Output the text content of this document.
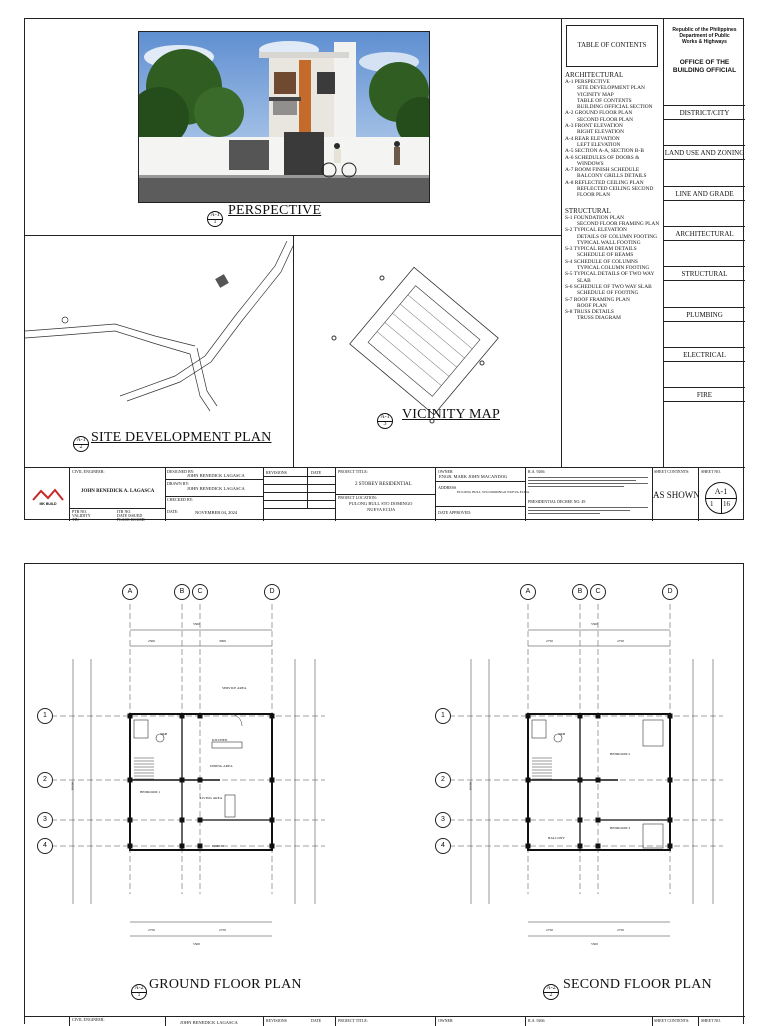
A-1
1
PERSPECTIVE
A-1
2
SITE DEVELOPMENT PLAN
A-1
3
VICINITY MAP
TABLE OF CONTENTS
ARCHITECTURAL
A-1 PERSPECTIVE
SITE DEVELOPMENT PLAN
VICINITY MAP
TABLE OF CONTENTS
BUILDING OFFICIAL SECTION
A-2 GROUND FLOOR PLAN
SECOND FLOOR PLAN
A-3 FRONT ELEVATION
RIGHT ELEVATION
A-4 REAR ELEVATION
LEFT ELEVATION
A-5 SECTION A-A, SECTION B-B
A-6 SCHEDULES OF DOORS &
WINDOWS
A-7 ROOM FINISH SCHEDULE
BALCONY GRILLS DETAILS
A-8 REFLECTED CEILING PLAN
REFLECTED CEILING SECOND
FLOOR PLAN
STRUCTURAL
S-1 FOUNDATION PLAN
SECOND FLOOR FRAMING PLAN
S-2 TYPICAL ELEVATION
DETAILS OF COLUMN FOOTING
TYPICAL WALL FOOTING
S-3 TYPICAL BEAM DETAILS
SCHEDULE OF BEAMS
S-4 SCHEDULE OF COLUMNS
TYPICAL COLUMN FOOTING
S-5 TYPICAL DETAILS OF TWO WAY
SLAB
S-6 SCHEDULE OF TWO WAY SLAB
SCHEDULE OF FOOTING
S-7 ROOF FRAMING PLAN
ROOF PLAN
S-8 TRUSS DETAILS
TRUSS DIAGRAM
Republic of the Philippines
Department of Public
Works & Highways
OFFICE OF THE
BUILDING OFFICIAL
DISTRICT/CITY
LAND USE AND ZONING
LINE AND GRADE
ARCHITECTURAL
STRUCTURAL
PLUMBING
ELECTRICAL
FIRE
MK BUILD
CIVIL ENGINEER:
JOHN BENEDICK A. LAGASCA
PTR NO.	ITR NO.
VALIDITY	DATE ISSUED
TIN	PLACE ISSUED
DESIGNED BY:
JOHN BENEDICK LAGASCA
DRAWN BY:
JOHN BENEDICK LAGASCA
CHECKED BY:
DATE:	NOVEMBER 04, 2024
REVISIONS	DATE	PROJECT TITLE:
2 STOREY RESIDENTIAL
PROJECT LOCATION:
PULONG BULL STO DOMINGO
NUEVA ECIJA
OWNER
ENGR. MARK JOHN MACANDOG
ADDRESS
PULONG BULL STO DOMINGO NUEVA ECIJA
DATE APPROVED:
R.A. 9266
PRESIDENTIAL DECREE NO. 49
SHEET CONTENTS:
AS SHOWN
SHEET NO.
A-1
1 16
A	B	C	D
1
2
3
4
5500
2500	3000
2750	2750
5500
10000
A	B	C	D
1
2
3
4
5500
2750	2750
2750	2750
5500
10000
SERVICE AREA
KITCHEN
DINING AREA
BEDROOM 1
LIVING AREA
PORCH
T&B
BEDROOM 2
BEDROOM 3
BALCONY
T&B
A-2
1
GROUND FLOOR PLAN	A-2
2
SECOND FLOOR PLAN
CIVIL ENGINEER:
JOHN BENEDICK LAGASCA	REVISIONS	DATE	PROJECT TITLE:	OWNER	R.A. 9266	SHEET CONTENTS:	SHEET NO.
